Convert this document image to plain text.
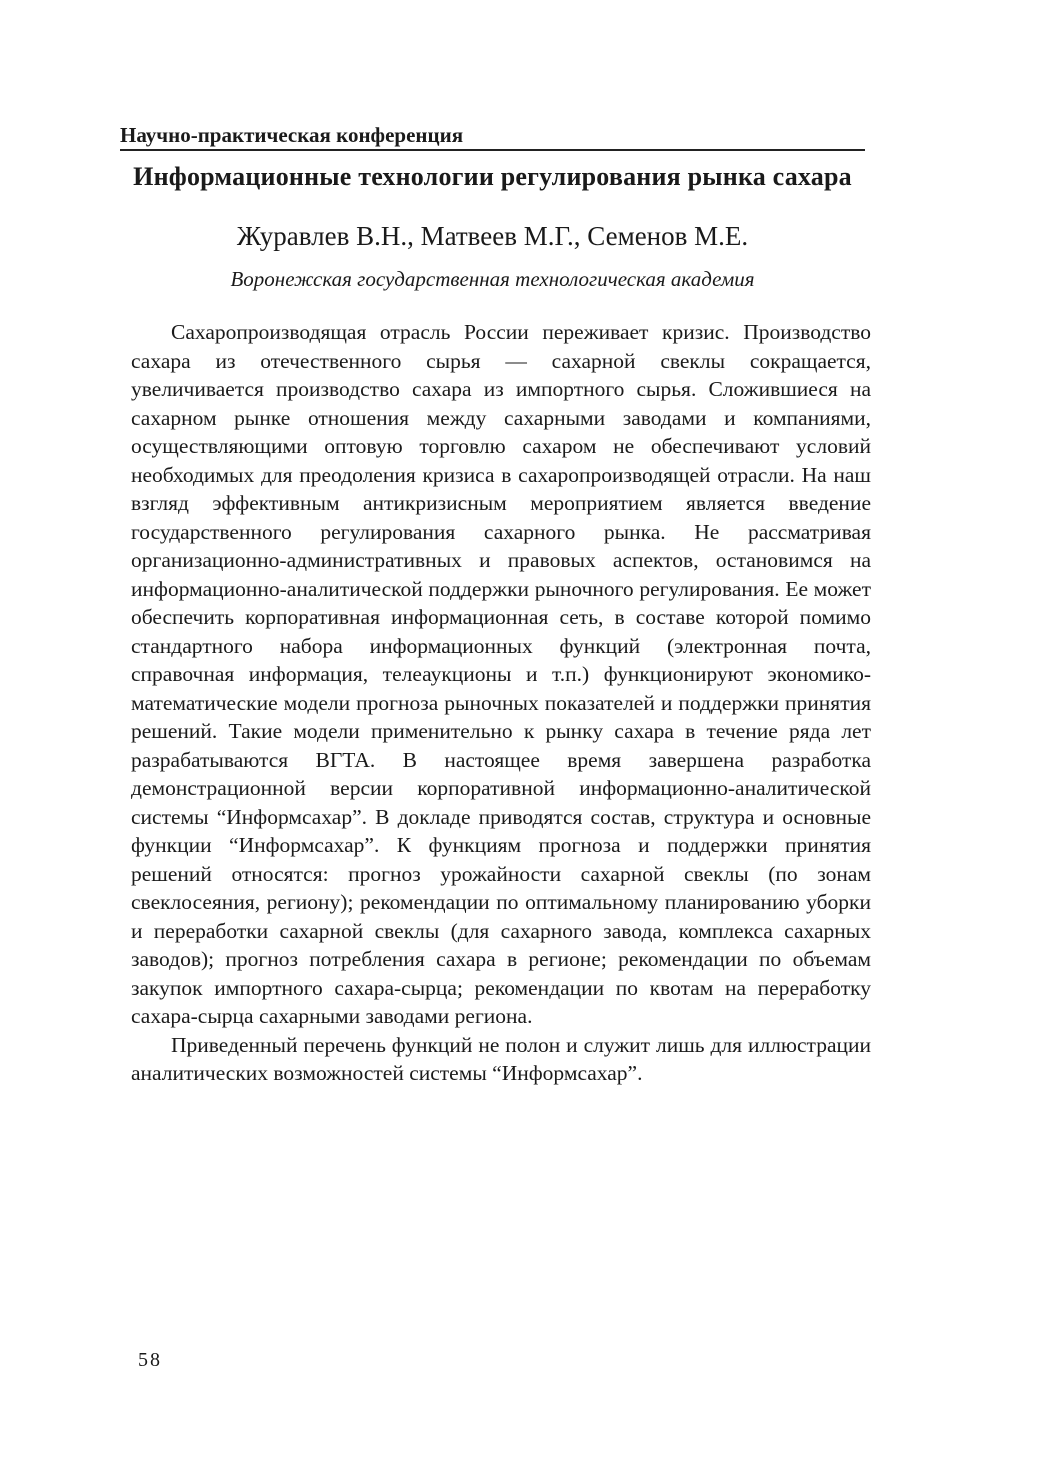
Научно-практическая конференция
Информационные технологии регулирования рынка сахара
Журавлев В.Н., Матвеев М.Г., Семенов М.Е.
Воронежская государственная технологическая академия

Сахаропроизводящая отрасль России переживает кризис. Производство сахара из отечественного сырья — сахарной свеклы сокращается, увеличивается производство сахара из импортного сырья. Сложившиеся на сахарном рынке отношения между сахарными заводами и компаниями, осуществляющими оптовую торговлю сахаром не обеспечивают условий необходимых для преодоления кризиса в сахаропроизводящей отрасли. На наш взгляд эффективным антикризисным мероприятием является введение государственного регулирования сахарного рынка. Не рассматривая организационно-административных и правовых аспектов, остановимся на информационно-аналитической поддержки рыночного регулирования. Ее может обеспечить корпоративная информационная сеть, в составе которой помимо стандартного набора информационных функций (электронная почта, справочная информация, телеаукционы и т.п.) функционируют экономико-математические модели прогноза рыночных показателей и поддержки принятия решений. Такие модели применительно к рынку сахара в течение ряда лет разрабатываются ВГТА. В настоящее время завершена разработка демонстрационной версии корпоративной информационно-аналитической системы “Информсахар”. В докладе приводятся состав, структура и основные функции “Информсахар”. К функциям прогноза и поддержки принятия решений относятся: прогноз урожайности сахарной свеклы (по зонам свеклосеяния, региону); рекомендации по оптимальному планированию уборки и переработки сахарной свеклы (для сахарного завода, комплекса сахарных заводов); прогноз потребления сахара в регионе; рекомендации по объемам закупок импортного сахара-сырца; рекомендации по квотам на переработку сахара-сырца сахарными заводами региона.

Приведенный перечень функций не полон и служит лишь для иллюстрации аналитических возможностей системы “Информсахар”.

58
